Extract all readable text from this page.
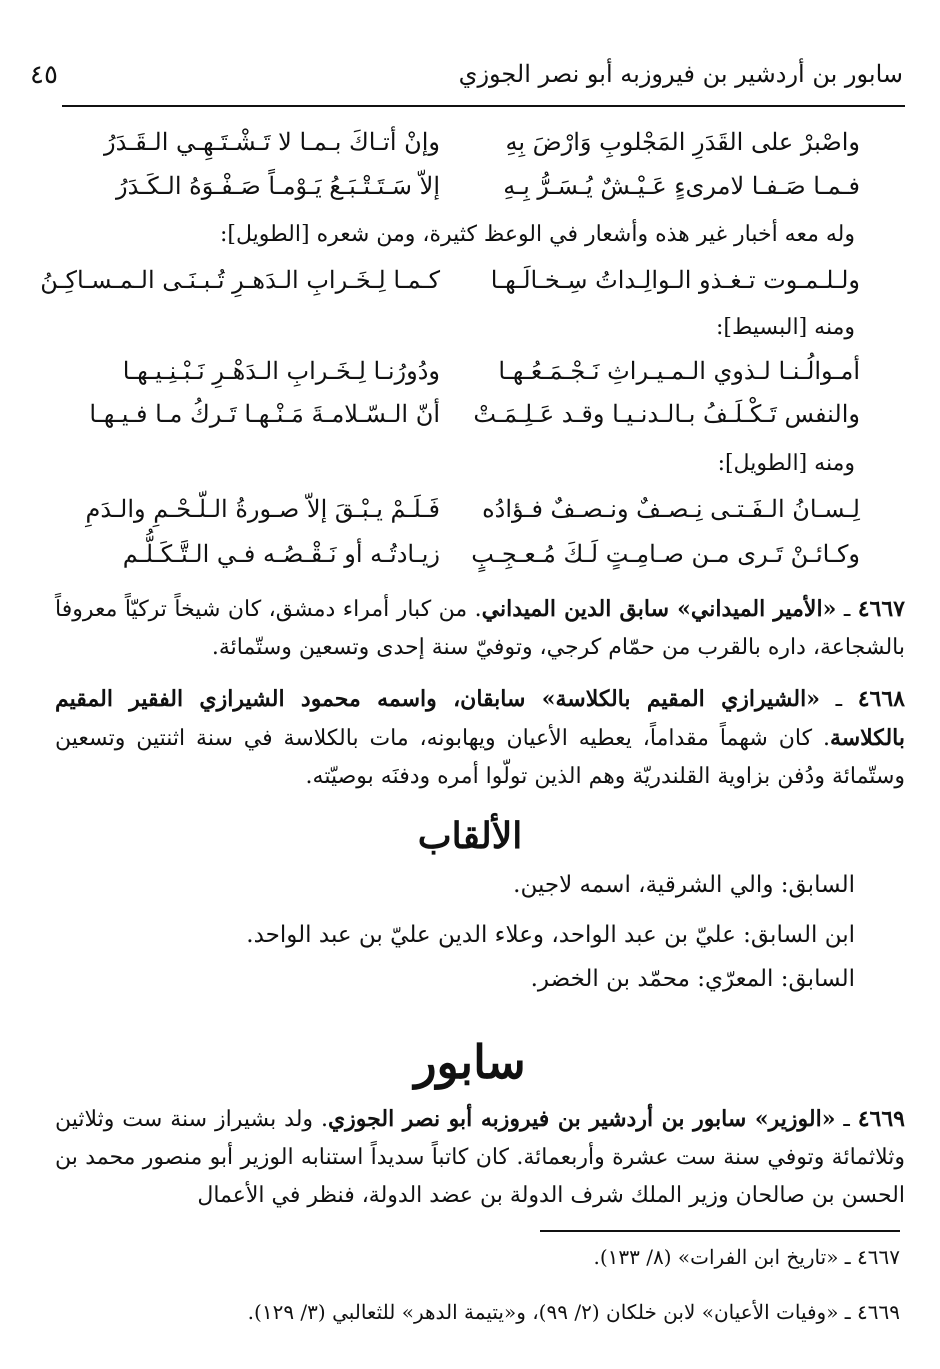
٤٥	سابور بن أردشير بن فيروزبه أبو نصر الجوزي
واصْبرْ على القَدَرِ المَجْلوبِ وَارْضَ بِهِ
وإنْ أتـاكَ بـمـا لا تَـشْـتَـهِـي الـقَـدَرُ
فـمـا صَـفـا لامرىءٍ عَـيْـشٌ يُـسَـرُّ بِـهِ
إلاّ سَـتَـتْـبَـعُ يَـوْمـاً صَـفْـوَهُ الـكَـدَرُ
وله معه أخبار غير هذه وأشعار في الوعظ كثيرة، ومن شعره [الطويل]:
ولـلـمـوت تـغـذو الـوالِـداتُ سِـخـالَـهـا
كـمـا لِـخَـرابِ الـدَهـرِ تُـبـنَـى الـمـسـاكِـنُ
ومنه [البسيط]:
أمـوالُـنـا لـذوي الـمـيـراثِ نَـجْـمَـعُـهـا
ودُورُنـا لِـخَـرابِ الـدَهْـرِ نَـبْـنِـيـهـا
والنفس تَـكْـلَـفُ بـالـدنـيـا وقـد عَـلِـمَـتْ
أنّ الـسّـلامـةَ مَـنْـهـا تَـركُ مـا فـيـهـا
ومنه [الطويل]:
لِـسـانُ الـفَـتـى نِـصـفٌ ونـصـفٌ فـؤادُه
فَـلَـمْ يـبْـقَ إلاّ صـورةُ الـلّـحْـمِ والـدَمِ
وكـائـنْ تَـرى مـن صـامِـتٍ لَـكَ مُـعـجِـبٍ
زيـادتُـه أو نَـقْـصُـه فـي الـتَّـكَـلُّـم
٤٦٦٧ ـ «الأمير الميداني» سابق الدين الميداني. من كبار أمراء دمشق، كان شيخاً تركيّاً معروفاً بالشجاعة، داره بالقرب من حمّام كرجي، وتوفيّ سنة إحدى وتسعين وستّمائة.
٤٦٦٨ ـ «الشيرازي المقيم بالكلاسة» سابقان، واسمه محمود الشيرازي الفقير المقيم بالكلاسة. كان شهماً مقداماً، يعطيه الأعيان ويهابونه، مات بالكلاسة في سنة اثنتين وتسعين وستّمائة ودُفن بزاوية القلندريّة وهم الذين تولّوا أمره ودفنَه بوصيّته.
الألقاب
السابق: والي الشرقية، اسمه لاجين.
ابن السابق: عليّ بن عبد الواحد، وعلاء الدين عليّ بن عبد الواحد.
السابق: المعرّي: محمّد بن الخضر.
سابور
٤٦٦٩ ـ «الوزير» سابور بن أردشير بن فيروزبه أبو نصر الجوزي. ولد بشيراز سنة ست وثلاثين وثلاثمائة وتوفي سنة ست عشرة وأربعمائة. كان كاتباً سديداً استنابه الوزير أبو منصور محمد بن الحسن بن صالحان وزير الملك شرف الدولة بن عضد الدولة، فنظر في الأعمال
٤٦٦٧ ـ «تاريخ ابن الفرات» (٨/ ١٣٣).
٤٦٦٩ ـ «وفيات الأعيان» لابن خلكان (٢/ ٩٩)، و«يتيمة الدهر» للثعالبي (٣/ ١٢٩).
